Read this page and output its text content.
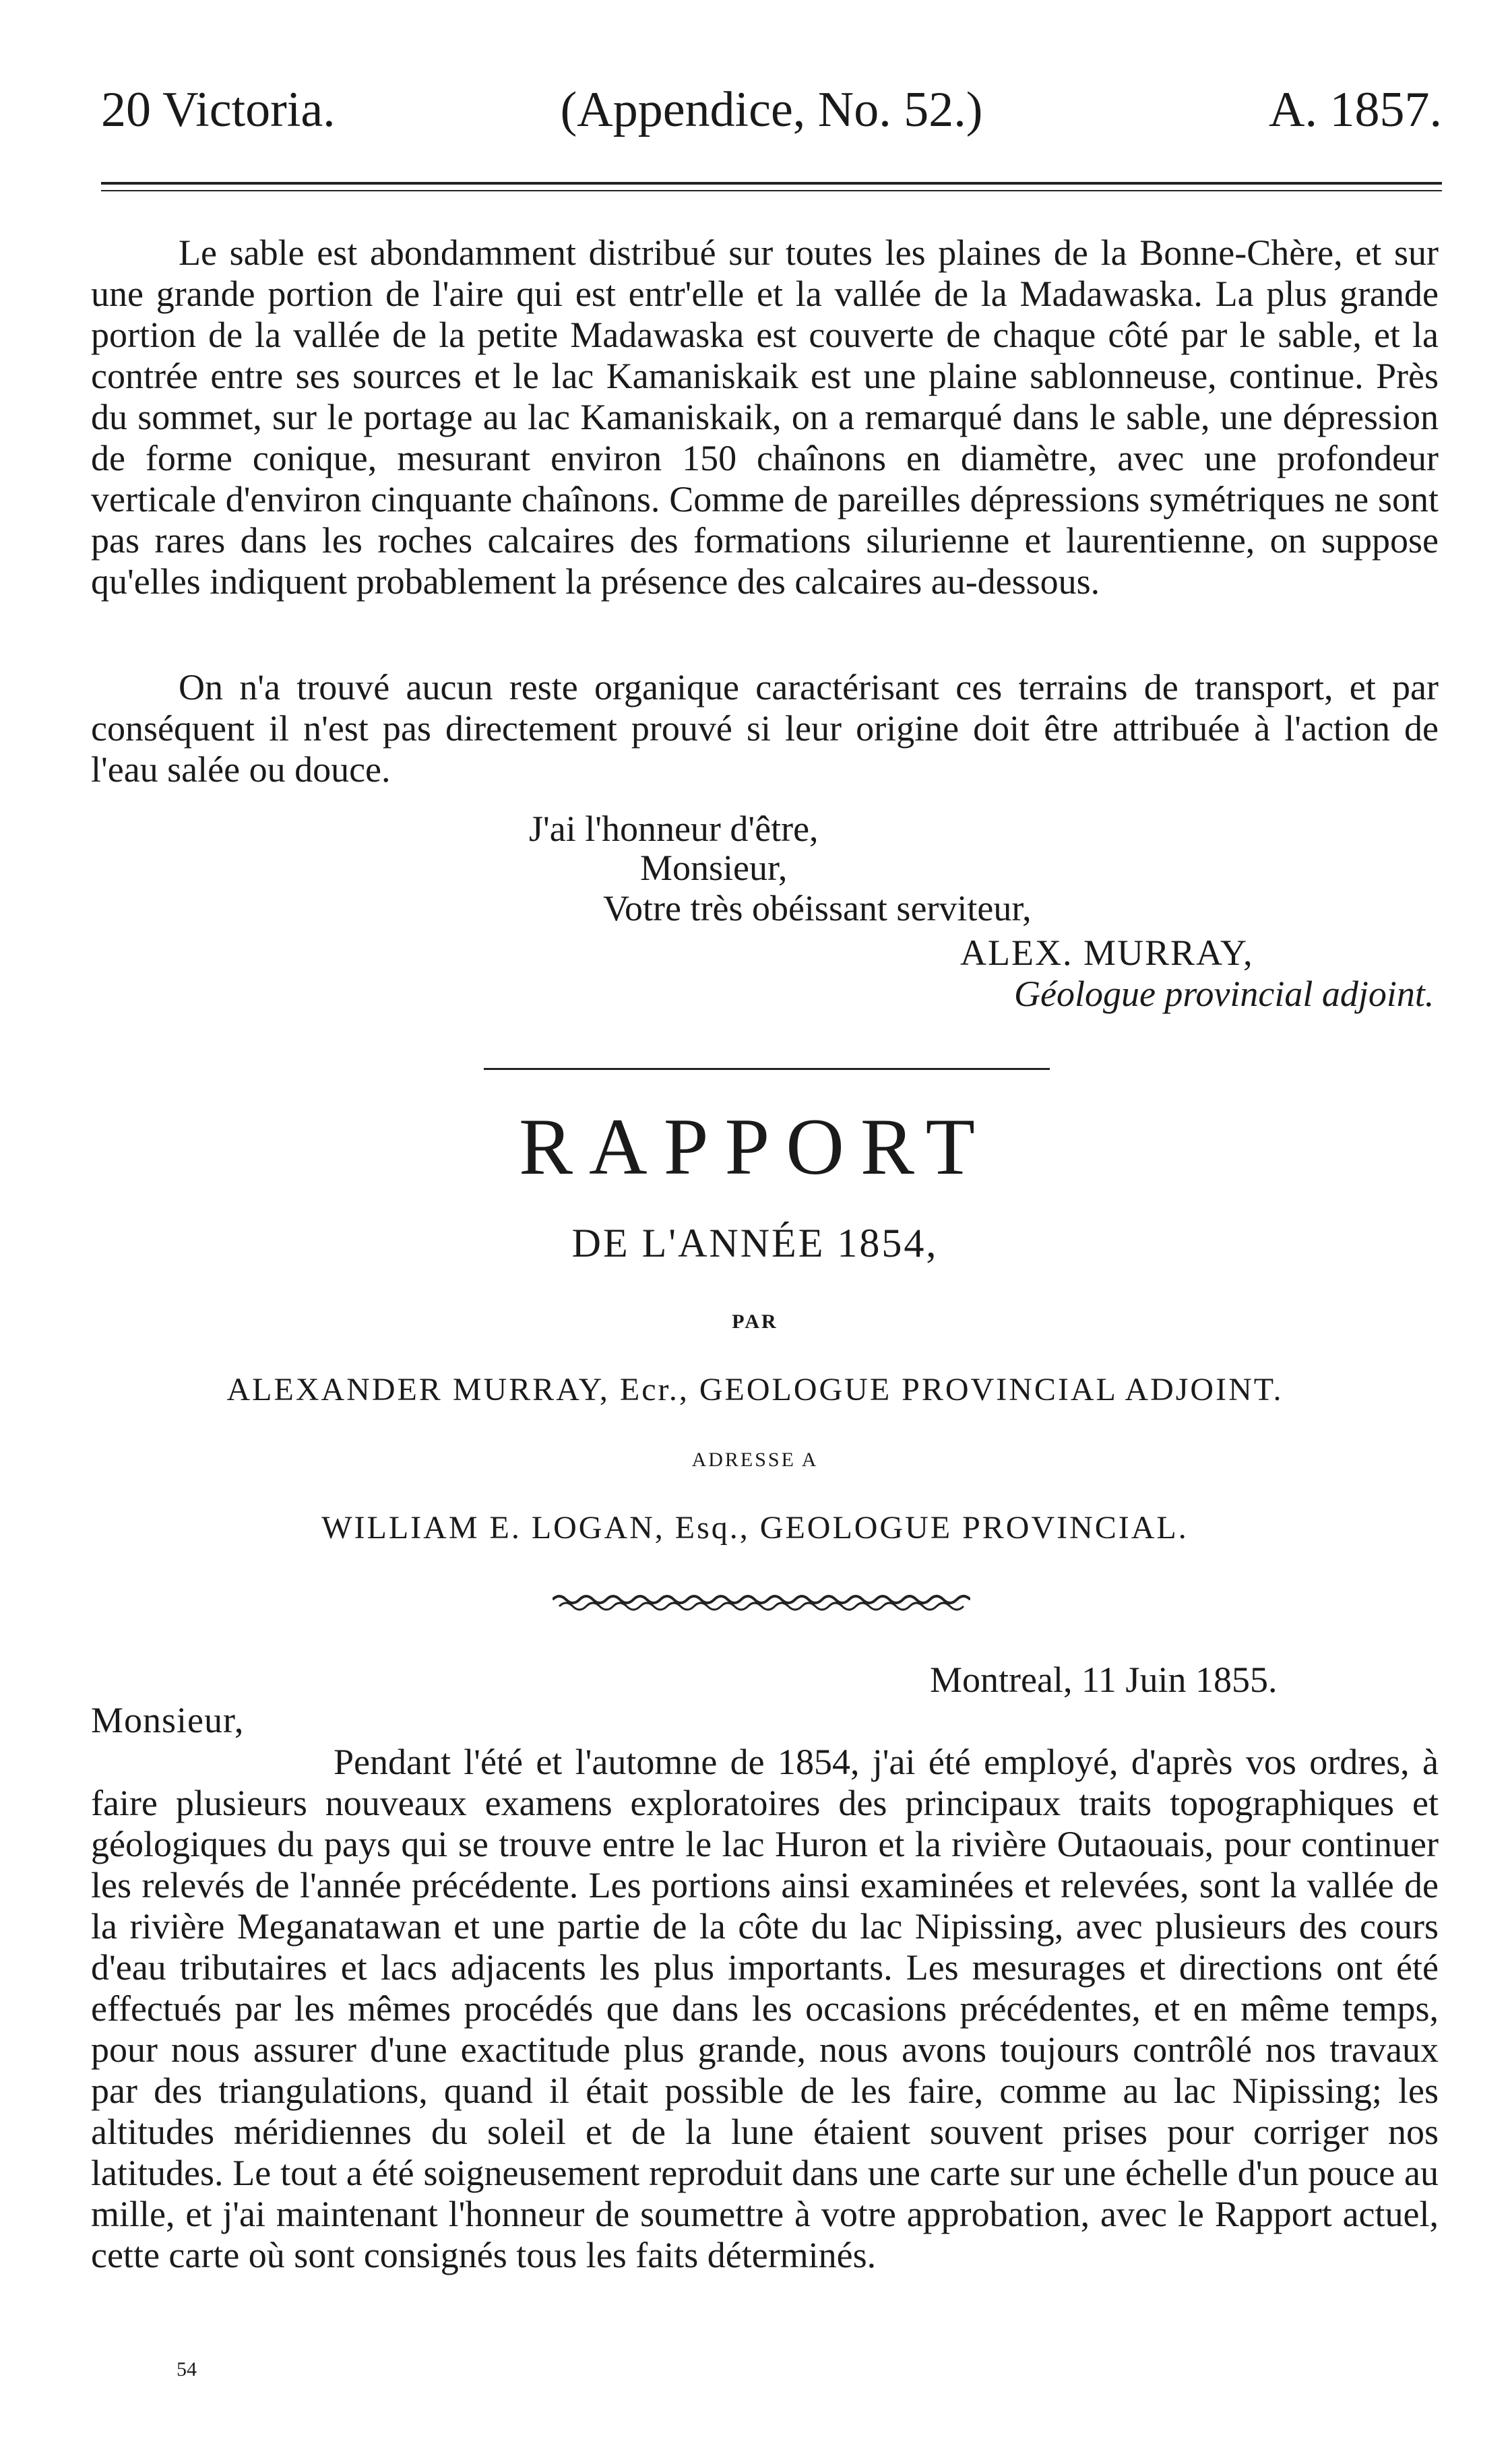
20 Victoria.	(Appendice, No. 52.)	A. 1857.

Le sable est abondamment distribué sur toutes les plaines de la Bonne-Chère, et sur une grande portion de l'aire qui est entr'elle et la vallée de la Madawaska. La plus grande portion de la vallée de la petite Madawaska est couverte de chaque côté par le sable, et la contrée entre ses sources et le lac Kamaniskaik est une plaine sablonneuse, continue. Près du sommet, sur le portage au lac Kamaniskaik, on a remarqué dans le sable, une dépression de forme conique, mesurant environ 150 chaînons en diamètre, avec une profondeur verticale d'environ cinquante chaînons. Comme de pareilles dépressions symétriques ne sont pas rares dans les roches calcaires des formations silurienne et laurentienne, on suppose qu'elles indiquent probablement la présence des calcaires au-dessous.

On n'a trouvé aucun reste organique caractérisant ces terrains de transport, et par conséquent il n'est pas directement prouvé si leur origine doit être attribuée à l'action de l'eau salée ou douce.

J'ai l'honneur d'être,
Monsieur,
Votre très obéissant serviteur,
ALEX. MURRAY,
Géologue provincial adjoint.
RAPPORT
DE L'ANNÉE 1854,
PAR
ALEXANDER MURRAY, Ecr., GEOLOGUE PROVINCIAL ADJOINT.
ADRESSE A
WILLIAM E. LOGAN, Esq., GEOLOGUE PROVINCIAL.
Montreal, 11 Juin 1855.
Monsieur,

Pendant l'été et l'automne de 1854, j'ai été employé, d'après vos ordres, à faire plusieurs nouveaux examens exploratoires des principaux traits topographiques et géologiques du pays qui se trouve entre le lac Huron et la rivière Outaouais, pour continuer les relevés de l'année précédente. Les portions ainsi examinées et relevées, sont la vallée de la rivière Meganatawan et une partie de la côte du lac Nipissing, avec plusieurs des cours d'eau tributaires et lacs adjacents les plus importants. Les mesurages et directions ont été effectués par les mêmes procédés que dans les occasions précédentes, et en même temps, pour nous assurer d'une exactitude plus grande, nous avons toujours contrôlé nos travaux par des triangulations, quand il était possible de les faire, comme au lac Nipissing; les altitudes méridiennes du soleil et de la lune étaient souvent prises pour corriger nos latitudes. Le tout a été soigneusement reproduit dans une carte sur une échelle d'un pouce au mille, et j'ai maintenant l'honneur de soumettre à votre approbation, avec le Rapport actuel, cette carte où sont consignés tous les faits déterminés.

54
